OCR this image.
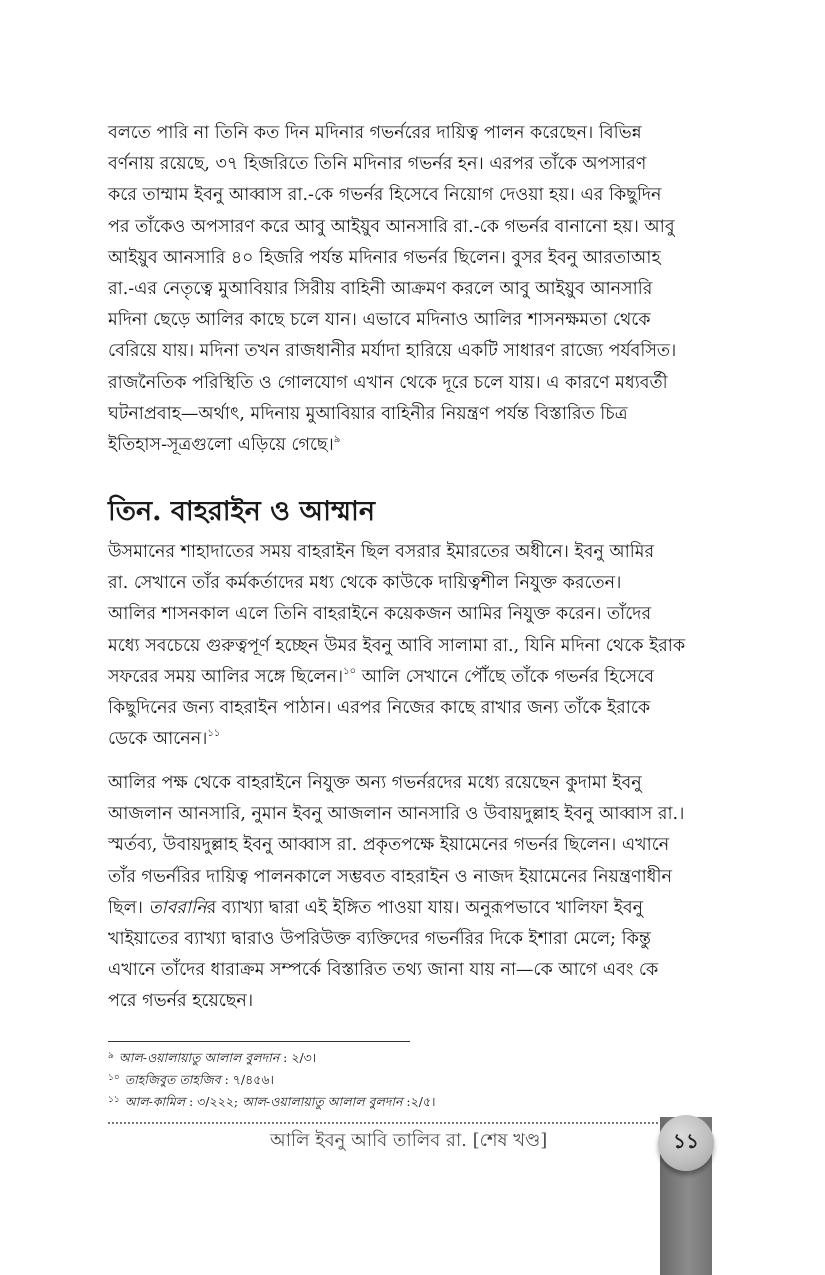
বলতে পারি না তিনি কত দিন মদিনার গভর্নরের দায়িত্ব পালন করেছেন। বিভিন্ন
বর্ণনায় রয়েছে, ৩৭ হিজরিতে তিনি মদিনার গভর্নর হন। এরপর তাঁকে অপসারণ
করে তাম্মাম ইবনু আব্বাস রা.-কে গভর্নর হিসেবে নিয়োগ দেওয়া হয়। এর কিছুদিন
পর তাঁকেও অপসারণ করে আবু আইয়ুব আনসারি রা.-কে গভর্নর বানানো হয়। আবু
আইয়ুব আনসারি ৪০ হিজরি পর্যন্ত মদিনার গভর্নর ছিলেন। বুসর ইবনু আরতাআহ
রা.-এর নেতৃত্বে মুআবিয়ার সিরীয় বাহিনী আক্রমণ করলে আবু আইয়ুব আনসারি
মদিনা ছেড়ে আলির কাছে চলে যান। এভাবে মদিনাও আলির শাসনক্ষমতা থেকে
বেরিয়ে যায়। মদিনা তখন রাজধানীর মর্যাদা হারিয়ে একটি সাধারণ রাজ্যে পর্যবসিত।
রাজনৈতিক পরিস্থিতি ও গোলযোগ এখান থেকে দূরে চলে যায়। এ কারণে মধ্যবর্তী
ঘটনাপ্রবাহ—অর্থাৎ, মদিনায় মুআবিয়ার বাহিনীর নিয়ন্ত্রণ পর্যন্ত বিস্তারিত চিত্র
ইতিহাস-সূত্রগুলো এড়িয়ে গেছে।$^৯$
তিন. বাহরাইন ও আম্মান
উসমানের শাহাদাতের সময় বাহরাইন ছিল বসরার ইমারতের অধীনে। ইবনু আমির
রা. সেখানে তাঁর কর্মকর্তাদের মধ্য থেকে কাউকে দায়িত্বশীল নিযুক্ত করতেন।
আলির শাসনকাল এলে তিনি বাহরাইনে কয়েকজন আমির নিযুক্ত করেন। তাঁদের
মধ্যে সবচেয়ে গুরুত্বপূর্ণ হচ্ছেন উমর ইবনু আবি সালামা রা., যিনি মদিনা থেকে ইরাক
সফরের সময় আলির সঙ্গে ছিলেন।$^{১০}$ আলি সেখানে পৌঁছে তাঁকে গভর্নর হিসেবে
কিছুদিনের জন্য বাহরাইন পাঠান। এরপর নিজের কাছে রাখার জন্য তাঁকে ইরাকে
ডেকে আনেন।$^{১১}$
আলির পক্ষ থেকে বাহরাইনে নিযুক্ত অন্য গভর্নরদের মধ্যে রয়েছেন কুদামা ইবনু
আজলান আনসারি, নুমান ইবনু আজলান আনসারি ও উবায়দুল্লাহ ইবনু আব্বাস রা.।
স্মর্তব্য, উবায়দুল্লাহ ইবনু আব্বাস রা. প্রকৃতপক্ষে ইয়ামেনের গভর্নর ছিলেন। এখানে
তাঁর গভর্নরির দায়িত্ব পালনকালে সম্ভবত বাহরাইন ও নাজদ ইয়ামেনের নিয়ন্ত্রণাধীন
ছিল। তাবরানির ব্যাখ্যা দ্বারা এই ইঙ্গিত পাওয়া যায়। অনুরূপভাবে খালিফা ইবনু
খাইয়াতের ব্যাখ্যা দ্বারাও উপরিউক্ত ব্যক্তিদের গভর্নরির দিকে ইশারা মেলে; কিন্তু
এখানে তাঁদের ধারাক্রম সম্পর্কে বিস্তারিত তথ্য জানা যায় না—কে আগে এবং কে
পরে গভর্নর হয়েছেন।
$^৯$ আল-ওয়ালায়াতু আলাল বুলদান : ২/৩।
$^{১০}$ তাহজিবুত তাহজিব : ৭/৪৫৬।
$^{১১}$ আল-কামিল : ৩/২২২; আল-ওয়ালায়াতু আলাল বুলদান :২/৫।
আলি ইবনু আবি তালিব রা. [শেষ খণ্ড]	১১
